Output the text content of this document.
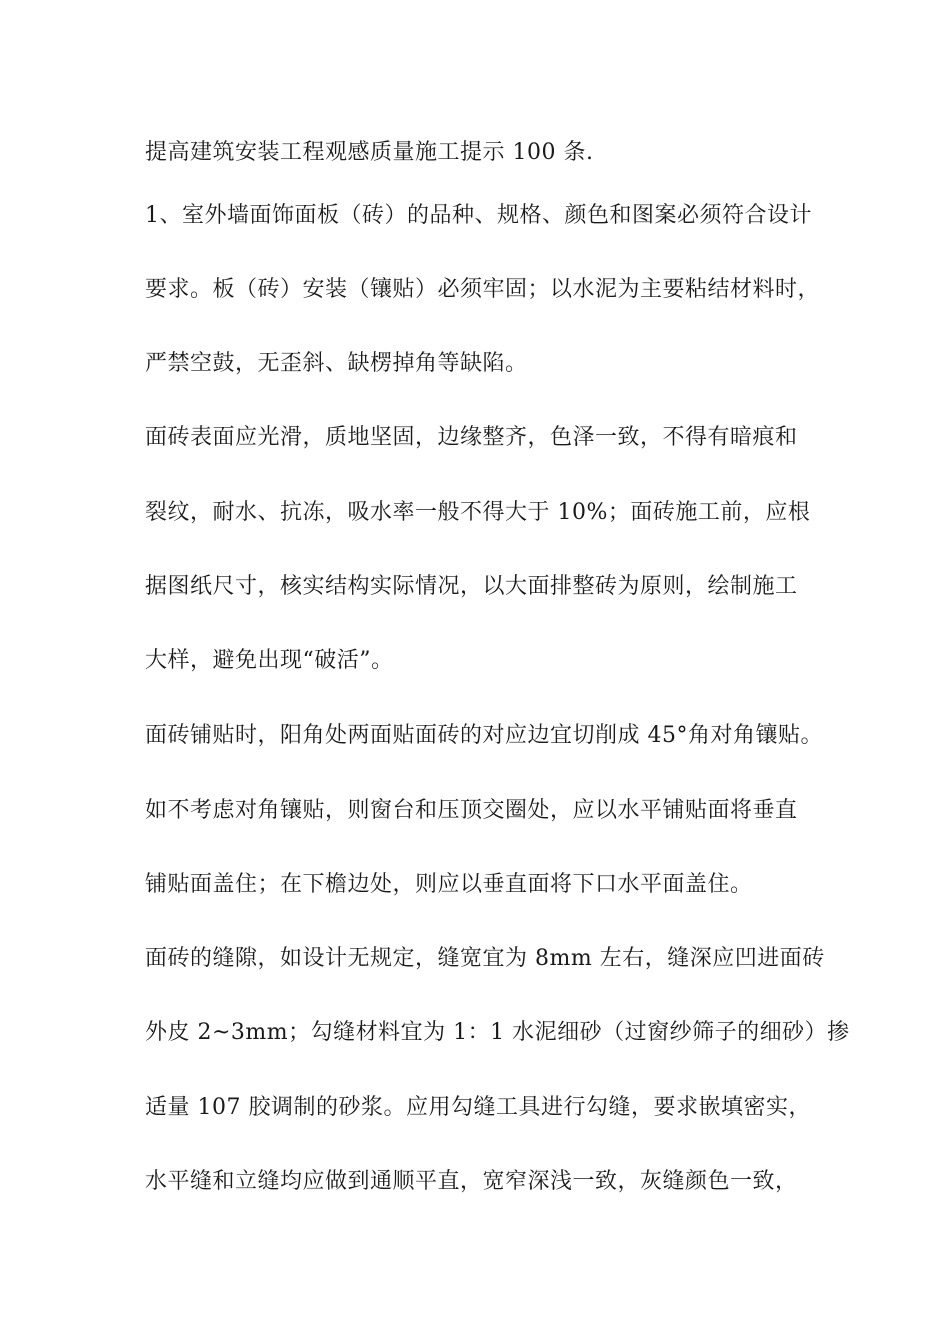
提高建筑安装工程观感质量施工提示 100 条.
1、室外墙面饰面板（砖）的品种、规格、颜色和图案必须符合设计
要求。板（砖）安装（镶贴）必须牢固；以水泥为主要粘结材料时，
严禁空鼓，无歪斜、缺楞掉角等缺陷。
面砖表面应光滑，质地坚固，边缘整齐，色泽一致，不得有暗痕和
裂纹，耐水、抗冻，吸水率一般不得大于 10%；面砖施工前，应根
据图纸尺寸，核实结构实际情况，以大面排整砖为原则，绘制施工
大样，避免出现“破活”。
面砖铺贴时，阳角处两面贴面砖的对应边宜切削成 45°角对角镶贴。
如不考虑对角镶贴，则窗台和压顶交圈处，应以水平铺贴面将垂直
铺贴面盖住；在下檐边处，则应以垂直面将下口水平面盖住。
面砖的缝隙，如设计无规定，缝宽宜为 8mm 左右，缝深应凹进面砖
外皮 2~3mm；勾缝材料宜为 1：1 水泥细砂（过窗纱筛子的细砂）掺
适量 107 胶调制的砂浆。应用勾缝工具进行勾缝，要求嵌填密实，
水平缝和立缝均应做到通顺平直，宽窄深浅一致，灰缝颜色一致，
